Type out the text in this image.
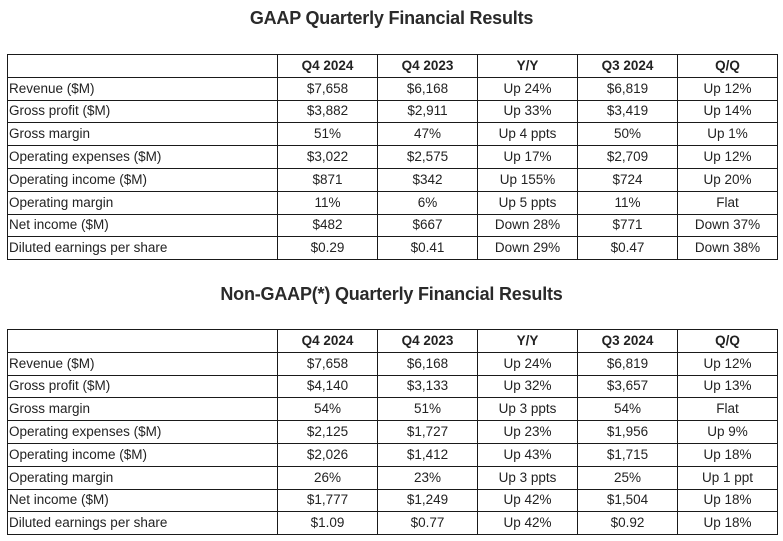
GAAP Quarterly Financial Results
	Q4 2024	Q4 2023	Y/Y	Q3 2024	Q/Q
Revenue ($M)	$7,658	$6,168	Up 24%	$6,819	Up 12%
Gross profit ($M)	$3,882	$2,911	Up 33%	$3,419	Up 14%
Gross margin	51%	47%	Up 4 ppts	50%	Up 1%
Operating expenses ($M)	$3,022	$2,575	Up 17%	$2,709	Up 12%
Operating income ($M)	$871	$342	Up 155%	$724	Up 20%
Operating margin	11%	6%	Up 5 ppts	11%	Flat
Net income ($M)	$482	$667	Down 28%	$771	Down 37%
Diluted earnings per share	$0.29	$0.41	Down 29%	$0.47	Down 38%
Non-GAAP(*) Quarterly Financial Results
	Q4 2024	Q4 2023	Y/Y	Q3 2024	Q/Q
Revenue ($M)	$7,658	$6,168	Up 24%	$6,819	Up 12%
Gross profit ($M)	$4,140	$3,133	Up 32%	$3,657	Up 13%
Gross margin	54%	51%	Up 3 ppts	54%	Flat
Operating expenses ($M)	$2,125	$1,727	Up 23%	$1,956	Up 9%
Operating income ($M)	$2,026	$1,412	Up 43%	$1,715	Up 18%
Operating margin	26%	23%	Up 3 ppts	25%	Up 1 ppt
Net income ($M)	$1,777	$1,249	Up 42%	$1,504	Up 18%
Diluted earnings per share	$1.09	$0.77	Up 42%	$0.92	Up 18%
